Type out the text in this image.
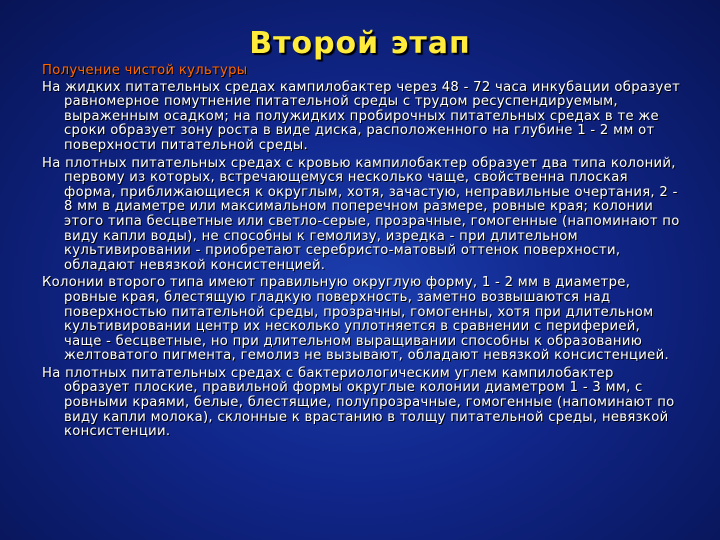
Второй этап
Получение чистой культуры
На жидких питательных средах кампилобактер через 48 - 72 часа инкубации образует равномерное помутнение питательной среды с трудом ресуспендируемым, выраженным осадком; на полужидких пробирочных питательных средах в те же сроки образует зону роста в виде диска, расположенного на глубине 1 - 2 мм от поверхности питательной среды.
На плотных питательных средах с кровью кампилобактер образует два типа колоний, первому из которых, встречающемуся несколько чаще, свойственна плоская форма, приближающиеся к округлым, хотя, зачастую, неправильные очертания, 2 - 8 мм в диаметре или максимальном поперечном размере, ровные края; колонии этого типа бесцветные или светло-серые, прозрачные, гомогенные (напоминают по виду капли воды), не способны к гемолизу, изредка - при длительном культивировании - приобретают серебристо-матовый оттенок поверхности, обладают невязкой консистенцией.
Колонии второго типа имеют правильную округлую форму, 1 - 2 мм в диаметре, ровные края, блестящую гладкую поверхность, заметно возвышаются над поверхностью питательной среды, прозрачны, гомогенны, хотя при длительном культивировании центр их несколько уплотняется в сравнении с периферией, чаще - бесцветные, но при длительном выращивании способны к образованию желтоватого пигмента, гемолиз не вызывают, обладают невязкой консистенцией.
На плотных питательных средах с бактериологическим углем кампилобактер образует плоские, правильной формы округлые колонии диаметром 1 - 3 мм, с ровными краями, белые, блестящие, полупрозрачные, гомогенные (напоминают по виду капли молока), склонные к врастанию в толщу питательной среды, невязкой консистенции.
